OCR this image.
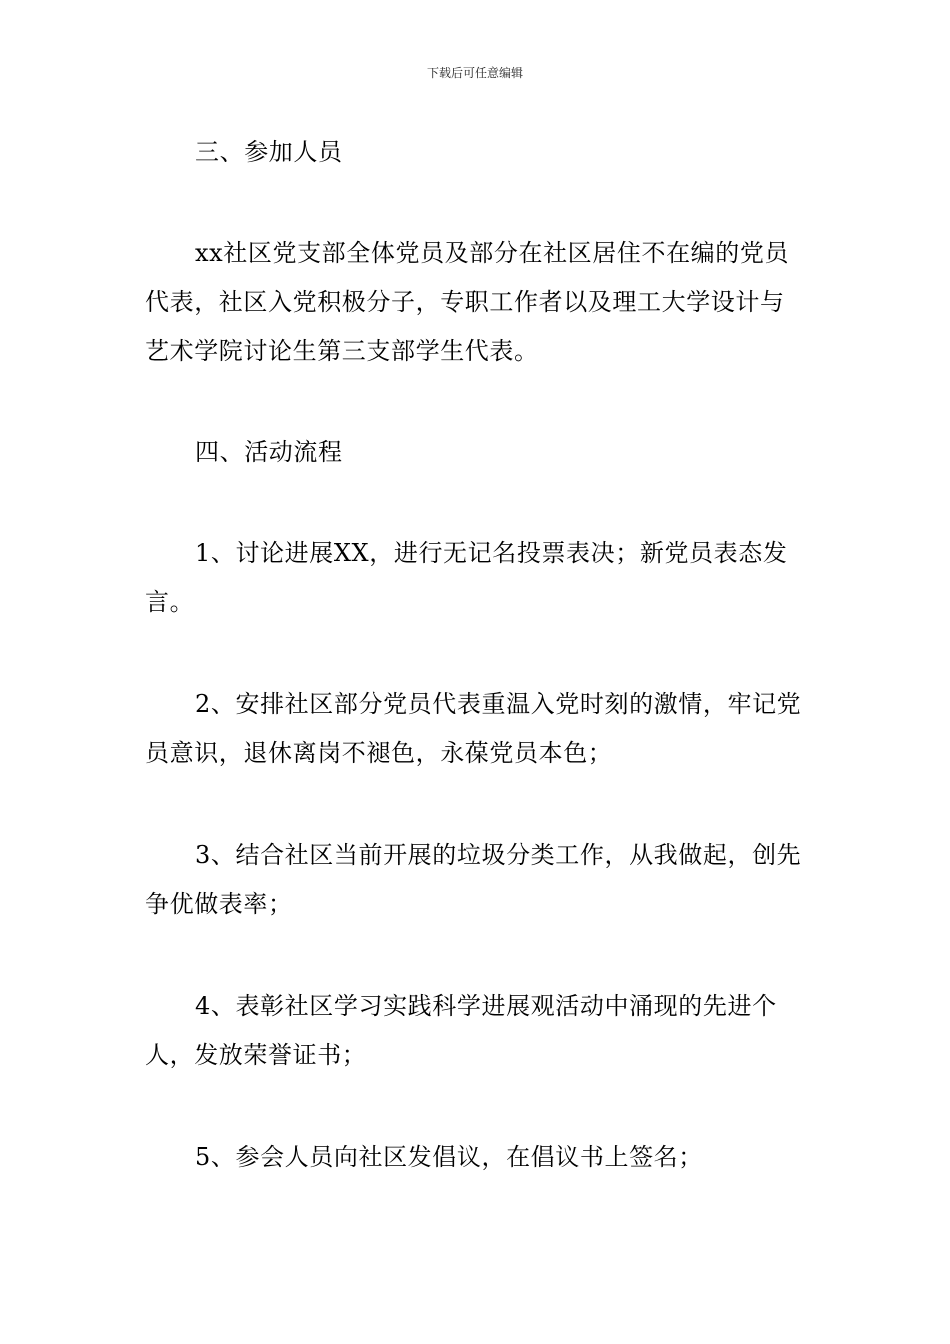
下载后可任意编辑

三、参加人员

xx社区党支部全体党员及部分在社区居住不在编的党员代表，社区入党积极分子，专职工作者以及理工大学设计与艺术学院讨论生第三支部学生代表。

四、活动流程

1、讨论进展XX，进行无记名投票表决；新党员表态发言。

2、安排社区部分党员代表重温入党时刻的激情，牢记党员意识，退休离岗不褪色，永葆党员本色；

3、结合社区当前开展的垃圾分类工作，从我做起，创先争优做表率；

4、表彰社区学习实践科学进展观活动中涌现的先进个人，发放荣誉证书；

5、参会人员向社区发倡议，在倡议书上签名；
